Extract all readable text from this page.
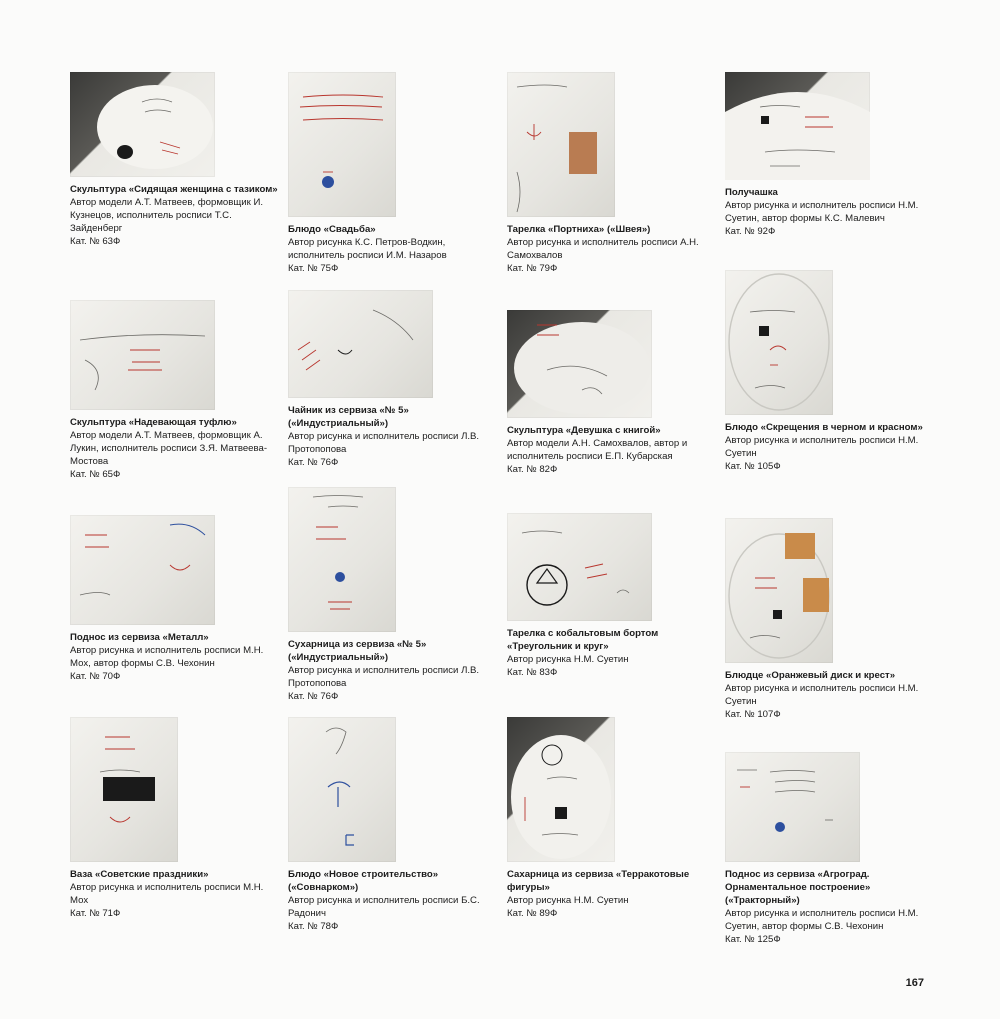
Скульптура «Сидящая женщина с тазиком»
Автор модели А.Т. Матвеев, формовщик И. Кузнецов, исполнитель росписи Т.С. Зайденберг
Кат. № 63Ф
Скульптура «Надевающая туфлю»
Автор модели А.Т. Матвеев, формовщик А. Лукин, исполнитель росписи З.Я. Матвеева-Мостова
Кат. № 65Ф
Поднос из сервиза «Металл»
Автор рисунка и исполнитель росписи М.Н. Мох, автор формы С.В. Чехонин
Кат. № 70Ф
Ваза «Советские праздники»
Автор рисунка и исполнитель росписи М.Н. Мох
Кат. № 71Ф
Блюдо «Свадьба»
Автор рисунка К.С. Петров-Водкин, исполнитель росписи И.М. Назаров
Кат. № 75Ф
Чайник из сервиза «№ 5» («Индустриальный»)
Автор рисунка и исполнитель росписи Л.В. Протопопова
Кат. № 76Ф
Сухарница из сервиза «№ 5» («Индустриальный»)
Автор рисунка и исполнитель росписи Л.В. Протопопова
Кат. № 76Ф
Блюдо «Новое строительство» («Совнарком»)
Автор рисунка и исполнитель росписи Б.С. Радонич
Кат. № 78Ф
Тарелка «Портниха» («Швея»)
Автор рисунка и исполнитель росписи А.Н. Самохвалов
Кат. № 79Ф
Скульптура «Девушка с книгой»
Автор модели А.Н. Самохвалов, автор и исполнитель росписи Е.П. Кубарская
Кат. № 82Ф
Тарелка с кобальтовым бортом «Треугольник и круг»
Автор рисунка Н.М. Суетин
Кат. № 83Ф
Сахарница из сервиза «Терракотовые фигуры»
Автор рисунка Н.М. Суетин
Кат. № 89Ф
Получашка
Автор рисунка и исполнитель росписи Н.М. Суетин, автор формы К.С. Малевич
Кат. № 92Ф
Блюдо «Скрещения в черном и красном»
Автор рисунка и исполнитель росписи Н.М. Суетин
Кат. № 105Ф
Блюдце «Оранжевый диск и крест»
Автор рисунка и исполнитель росписи Н.М. Суетин
Кат. № 107Ф
Поднос из сервиза «Агроград. Орнаментальное построение» («Тракторный»)
Автор рисунка и исполнитель росписи Н.М. Суетин, автор формы С.В. Чехонин
Кат. № 125Ф
167
